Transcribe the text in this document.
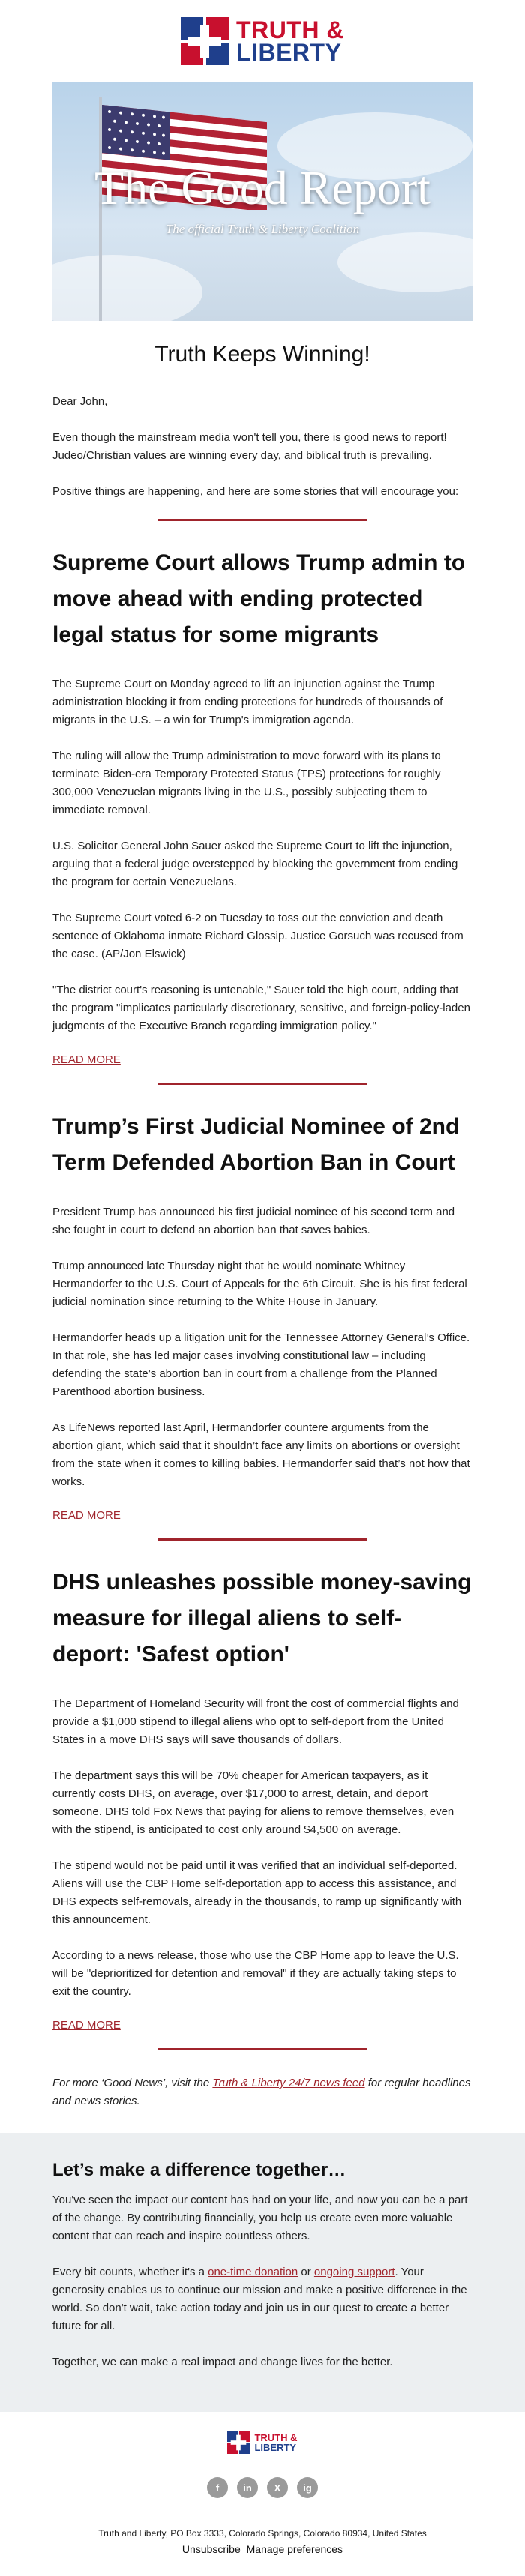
TRUTH &
LIBERTY
The Good Report
The official Truth & Liberty Coalition
Truth Keeps Winning!

Dear John,

Even though the mainstream media won't tell you, there is good news to report! Judeo/Christian values are winning every day, and biblical truth is prevailing.

Positive things are happening, and here are some stories that will encourage you:

Supreme Court allows Trump admin to move ahead with ending protected legal status for some migrants

The Supreme Court on Monday agreed to lift an injunction against the Trump administration blocking it from ending protections for hundreds of thousands of migrants in the U.S. – a win for Trump's immigration agenda.

The ruling will allow the Trump administration to move forward with its plans to terminate Biden-era Temporary Protected Status (TPS) protections for roughly 300,000 Venezuelan migrants living in the U.S., possibly subjecting them to immediate removal.

U.S. Solicitor General John Sauer asked the Supreme Court to lift the injunction, arguing that a federal judge overstepped by blocking the government from ending the program for certain Venezuelans.

The Supreme Court voted 6-2 on Tuesday to toss out the conviction and death sentence of Oklahoma inmate Richard Glossip. Justice Gorsuch was recused from the case. (AP/Jon Elswick)

"The district court's reasoning is untenable," Sauer told the high court, adding that the program "implicates particularly discretionary, sensitive, and foreign-policy-laden judgments of the Executive Branch regarding immigration policy."

READ MORE
Trump’s First Judicial Nominee of 2nd Term Defended Abortion Ban in Court

President Trump has announced his first judicial nominee of his second term and she fought in court to defend an abortion ban that saves babies.

Trump announced late Thursday night that he would nominate Whitney Hermandorfer to the U.S. Court of Appeals for the 6th Circuit. She is his first federal judicial nomination since returning to the White House in January.

Hermandorfer heads up a litigation unit for the Tennessee Attorney General’s Office. In that role, she has led major cases involving constitutional law – including defending the state’s abortion ban in court from a challenge from the Planned Parenthood abortion business.

As LifeNews reported last April, Hermandorfer countere arguments from the abortion giant, which said that it shouldn’t face any limits on abortions or oversight from the state when it comes to killing babies. Hermandorfer said that’s not how that works.

READ MORE
DHS unleashes possible money-saving measure for illegal aliens to self-deport: 'Safest option'

The Department of Homeland Security will front the cost of commercial flights and provide a $1,000 stipend to illegal aliens who opt to self-deport from the United States in a move DHS says will save thousands of dollars.

The department says this will be 70% cheaper for American taxpayers, as it currently costs DHS, on average, over $17,000 to arrest, detain, and deport someone. DHS told Fox News that paying for aliens to remove themselves, even with the stipend, is anticipated to cost only around $4,500 on average.

The stipend would not be paid until it was verified that an individual self-deported. Aliens will use the CBP Home self-deportation app to access this assistance, and DHS expects self-removals, already in the thousands, to ramp up significantly with this announcement.

According to a news release, those who use the CBP Home app to leave the U.S. will be "deprioritized for detention and removal" if they are actually taking steps to exit the country.

READ MORE

For more ‘Good News’, visit the Truth & Liberty 24/7 news feed for regular headlines and news stories.

Let’s make a difference together…

You've seen the impact our content has had on your life, and now you can be a part of the change. By contributing financially, you help us create even more valuable content that can reach and inspire countless others.

Every bit counts, whether it's a one-time donation or ongoing support. Your generosity enables us to continue our mission and make a positive difference in the world. So don't wait, take action today and join us in our quest to create a better future for all.

Together, we can make a real impact and change lives for the better.

TRUTH &
LIBERTY
f	in	X	ig
Truth and Liberty, PO Box 3333, Colorado Springs, Colorado 80934, United States
Unsubscribe Manage preferences
